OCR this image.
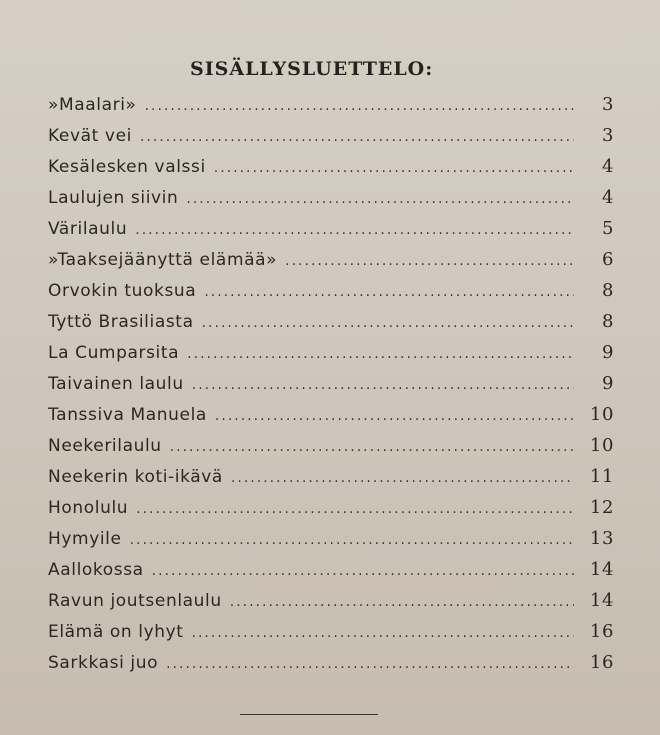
SISÄLLYSLUETTELO:
»Maalari» .....	3
Kevät vei .....	3
Kesälesken valssi .....	4
Laulujen siivin .....	4
Värilaulu .....	5
»Taaksejäänyttä elämää» .....	6
Orvokin tuoksua .....	8
Tyttö Brasiliasta .....	8
La Cumparsita .....	9
Taivainen laulu .....	9
Tanssiva Manuela .....	10
Neekerilaulu .....	10
Neekerin koti-ikävä .....	11
Honolulu .....	12
Hymyile .....	13
Aallokossa .....	14
Ravun joutsenlaulu .....	14
Elämä on lyhyt .....	16
Sarkkasi juo .....	16
